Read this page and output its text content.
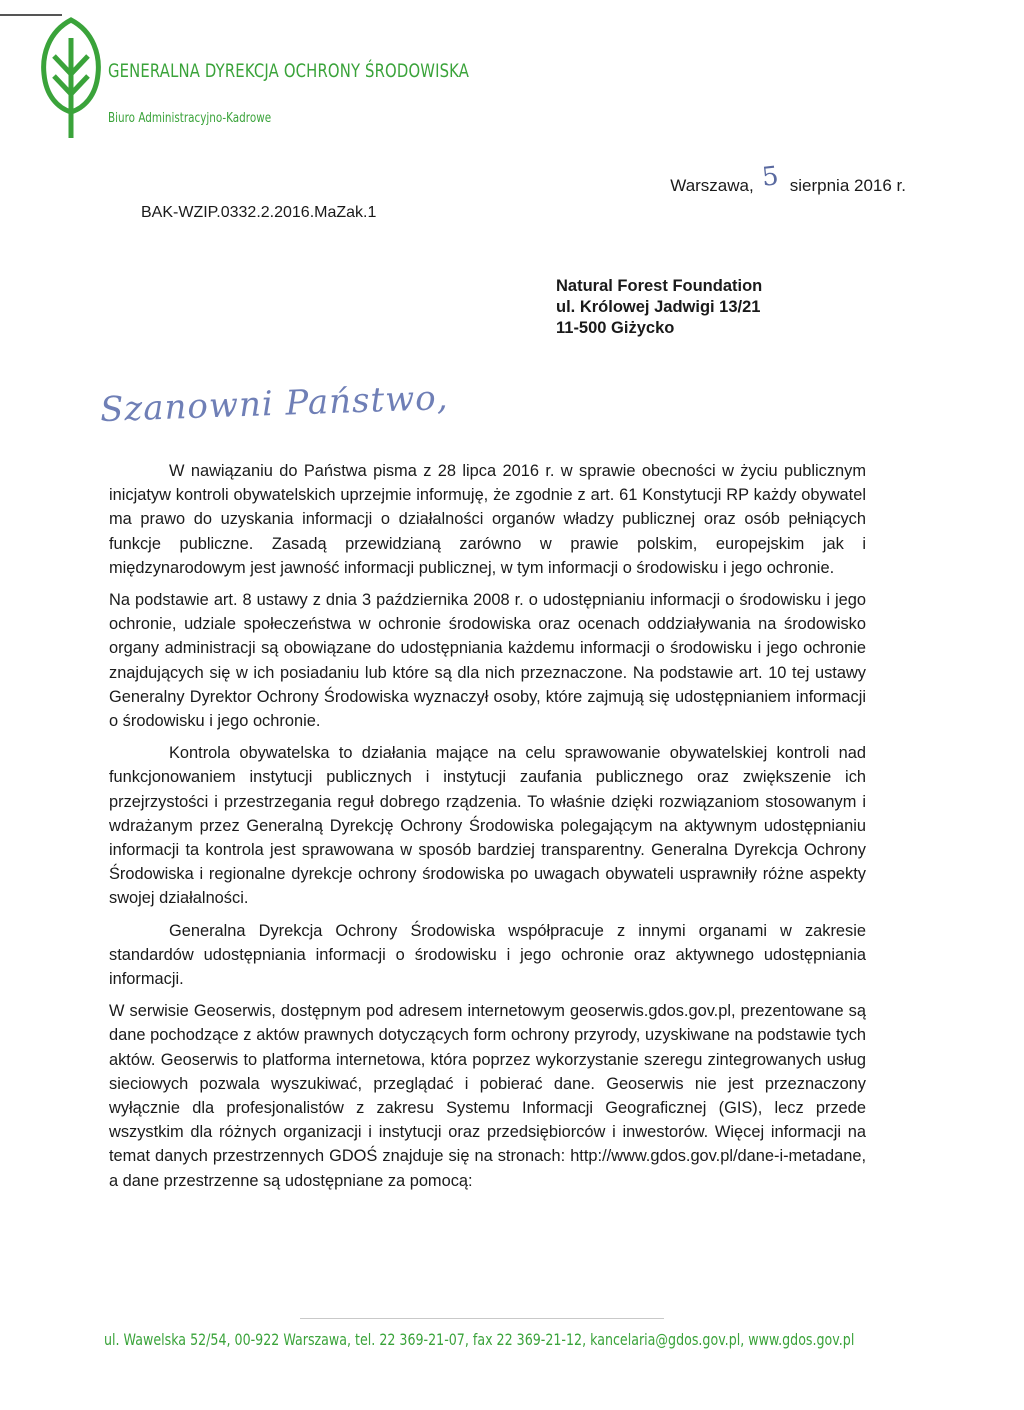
GENERALNA DYREKCJA OCHRONY ŚRODOWISKA
Biuro Administracyjno-Kadrowe
Warszawa, 5 sierpnia 2016 r.
BAK-WZIP.0332.2.2016.MaZak.1
Natural Forest Foundation
ul. Królowej Jadwigi 13/21
11-500 Giżycko
Szanowni Państwo,

W nawiązaniu do Państwa pisma z 28 lipca 2016 r. w sprawie obecności w życiu publicznym inicjatyw kontroli obywatelskich uprzejmie informuję, że zgodnie z art. 61 Konstytucji RP każdy obywatel ma prawo do uzyskania informacji o działalności organów władzy publicznej oraz osób pełniących funkcje publiczne. Zasadą przewidzianą zarówno w prawie polskim, europejskim jak i międzynarodowym jest jawność informacji publicznej, w tym informacji o środowisku i jego ochronie.

Na podstawie art. 8 ustawy z dnia 3 października 2008 r. o udostępnianiu informacji o środowisku i jego ochronie, udziale społeczeństwa w ochronie środowiska oraz ocenach oddziaływania na środowisko organy administracji są obowiązane do udostępniania każdemu informacji o środowisku i jego ochronie znajdujących się w ich posiadaniu lub które są dla nich przeznaczone. Na podstawie art. 10 tej ustawy Generalny Dyrektor Ochrony Środowiska wyznaczył osoby, które zajmują się udostępnianiem informacji o środowisku i jego ochronie.

Kontrola obywatelska to działania mające na celu sprawowanie obywatelskiej kontroli nad funkcjonowaniem instytucji publicznych i instytucji zaufania publicznego oraz zwiększenie ich przejrzystości i przestrzegania reguł dobrego rządzenia. To właśnie dzięki rozwiązaniom stosowanym i wdrażanym przez Generalną Dyrekcję Ochrony Środowiska polegającym na aktywnym udostępnianiu informacji ta kontrola jest sprawowana w sposób bardziej transparentny. Generalna Dyrekcja Ochrony Środowiska i regionalne dyrekcje ochrony środowiska po uwagach obywateli usprawniły różne aspekty swojej działalności.

Generalna Dyrekcja Ochrony Środowiska współpracuje z innymi organami w zakresie standardów udostępniania informacji o środowisku i jego ochronie oraz aktywnego udostępniania informacji.

W serwisie Geoserwis, dostępnym pod adresem internetowym geoserwis.gdos.gov.pl, prezentowane są dane pochodzące z aktów prawnych dotyczących form ochrony przyrody, uzyskiwane na podstawie tych aktów. Geoserwis to platforma internetowa, która poprzez wykorzystanie szeregu zintegrowanych usług sieciowych pozwala wyszukiwać, przeglądać i pobierać dane. Geoserwis nie jest przeznaczony wyłącznie dla profesjonalistów z zakresu Systemu Informacji Geograficznej (GIS), lecz przede wszystkim dla różnych organizacji i instytucji oraz przedsiębiorców i inwestorów. Więcej informacji na temat danych przestrzennych GDOŚ znajduje się na stronach: http://www.gdos.gov.pl/dane-i-metadane, a dane przestrzenne są udostępniane za pomocą:

ul. Wawelska 52/54, 00-922 Warszawa, tel. 22 369-21-07, fax 22 369-21-12, kancelaria@gdos.gov.pl, www.gdos.gov.pl
